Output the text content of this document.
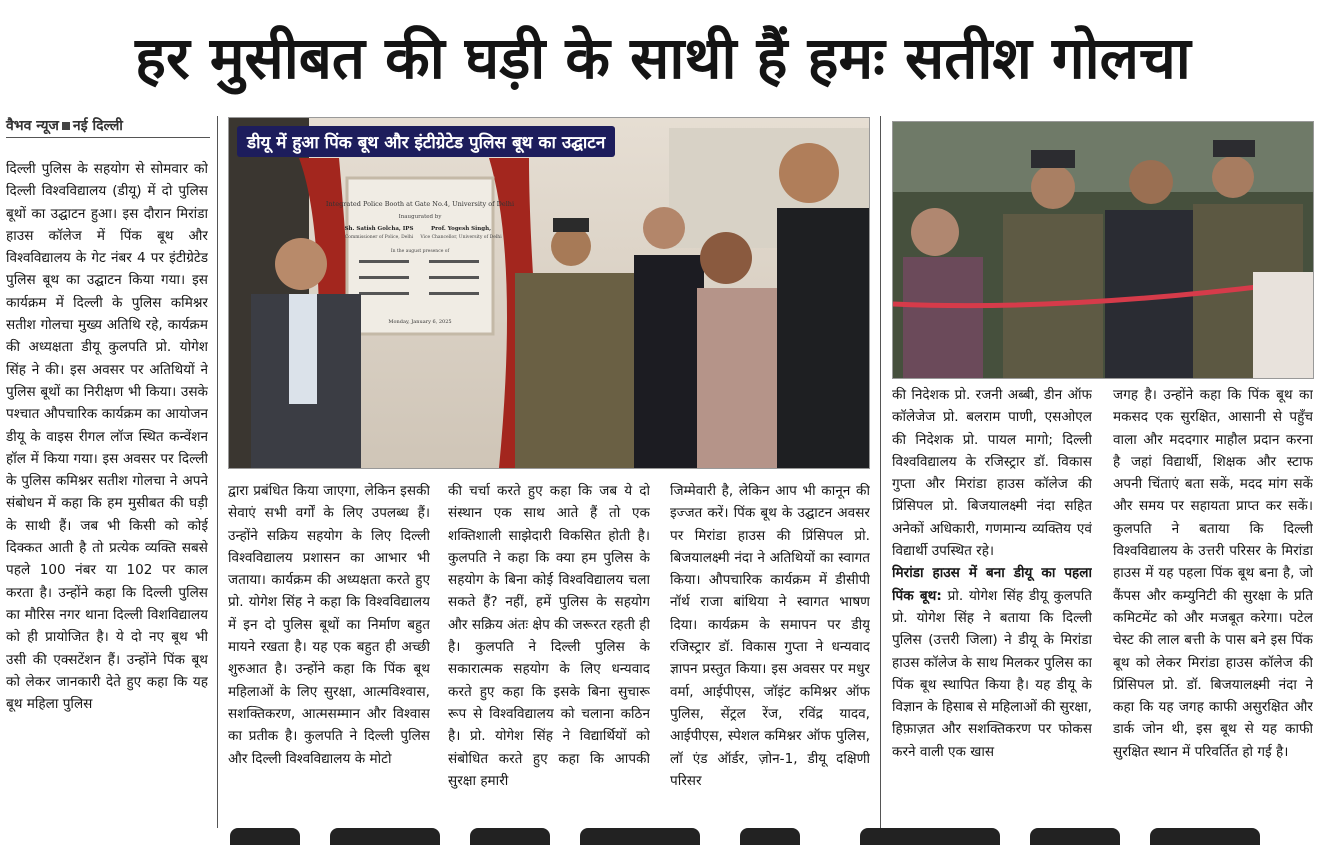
हर मुसीबत की घड़ी के साथी हैं हमः सतीश गोलचा
वैभव न्यूज नई दिल्ली

दिल्ली पुलिस के सहयोग से सोमवार को दिल्ली विश्वविद्यालय (डीयू) में दो पुलिस बूथों का उद्घाटन हुआ। इस दौरान मिरांडा हाउस कॉलेज में पिंक बूथ और विश्वविद्यालय के गेट नंबर 4 पर इंटीग्रेटेड पुलिस बूथ का उद्घाटन किया गया। इस कार्यक्रम में दिल्ली के पुलिस कमिश्नर सतीश गोलचा मुख्य अतिथि रहे, कार्यक्रम की अध्यक्षता डीयू कुलपति प्रो. योगेश सिंह ने की। इस अवसर पर अतिथियों ने पुलिस बूथों का निरीक्षण भी किया। उसके पश्चात औपचारिक कार्यक्रम का आयोजन डीयू के वाइस रीगल लॉज स्थित कन्वेंशन हॉल में किया गया। इस अवसर पर दिल्ली के पुलिस कमिश्नर सतीश गोलचा ने अपने संबोधन में कहा कि हम मुसीबत की घड़ी के साथी हैं। जब भी किसी को कोई दिक्कत आती है तो प्रत्येक व्यक्ति सबसे पहले 100 नंबर या 102 पर काल करता है। उन्होंने कहा कि दिल्ली पुलिस का मौरिस नगर थाना दिल्ली विशविद्यालय को ही प्रायोजित है। ये दो नए बूथ भी उसी की एक्सटेंशन हैं। उन्होंने पिंक बूथ को लेकर जानकारी देते हुए कहा कि यह बूथ महिला पुलिस

Integrated Police Booth at Gate No.4, University of Delhi
Inaugurated by
Sh. Satish Golcha, IPS
Commissioner of Police, Delhi
Prof. Yogesh Singh,
Vice Chancellor, University of Delhi
In the august presence of
Monday, January 6, 2025
डीयू में हुआ पिंक बूथ और इंटीग्रेटेड पुलिस बूथ का उद्घाटन

द्वारा प्रबंधित किया जाएगा, लेकिन इसकी सेवाएं सभी वर्गों के लिए उपलब्ध हैं। उन्होंने सक्रिय सहयोग के लिए दिल्ली विश्वविद्यालय प्रशासन का आभार भी जताया। कार्यक्रम की अध्यक्षता करते हुए प्रो. योगेश सिंह ने कहा कि विश्वविद्यालय में इन दो पुलिस बूथों का निर्माण बहुत मायने रखता है। यह एक बहुत ही अच्छी शुरुआत है। उन्होंने कहा कि पिंक बूथ महिलाओं के लिए सुरक्षा, आत्मविश्वास, सशक्तिकरण, आत्मसम्मान और विश्वास का प्रतीक है। कुलपति ने दिल्ली पुलिस और दिल्ली विश्वविद्यालय के मोटो

की चर्चा करते हुए कहा कि जब ये दो संस्थान एक साथ आते हैं तो एक शक्तिशाली साझेदारी विकसित होती है। कुलपति ने कहा कि क्या हम पुलिस के सहयोग के बिना कोई विश्वविद्यालय चला सकते हैं? नहीं, हमें पुलिस के सहयोग और सक्रिय अंतः क्षेप की जरूरत रहती ही है। कुलपति ने दिल्ली पुलिस के सकारात्मक सहयोग के लिए धन्यवाद करते हुए कहा कि इसके बिना सुचारू रूप से विश्वविद्यालय को चलाना कठिन है। प्रो. योगेश सिंह ने विद्यार्थियों को संबोधित करते हुए कहा कि आपकी सुरक्षा हमारी

जिम्मेवारी है, लेकिन आप भी कानून की इज्जत करें। पिंक बूथ के उद्घाटन अवसर पर मिरांडा हाउस की प्रिंसिपल प्रो. बिजयालक्ष्मी नंदा ने अतिथियों का स्वागत किया। औपचारिक कार्यक्रम में डीसीपी नॉर्थ राजा बांथिया ने स्वागत भाषण दिया। कार्यक्रम के समापन पर डीयू रजिस्ट्रार डॉ. विकास गुप्ता ने धन्यवाद ज्ञापन प्रस्तुत किया। इस अवसर पर मधुर वर्मा, आईपीएस, जॉइंट कमिश्नर ऑफ पुलिस, सेंट्रल रेंज, रविंद्र यादव, आईपीएस, स्पेशल कमिश्नर ऑफ पुलिस, लॉ एंड ऑर्डर, ज़ोन-1, डीयू दक्षिणी परिसर

की निदेशक प्रो. रजनी अब्बी, डीन ऑफ कॉलेजेज प्रो. बलराम पाणी, एसओएल की निदेशक प्रो. पायल मागो; दिल्ली विश्वविद्यालय के रजिस्ट्रार डॉ. विकास गुप्ता और मिरांडा हाउस कॉलेज की प्रिंसिपल प्रो. बिजयालक्ष्मी नंदा सहित अनेकों अधिकारी, गणमान्य व्यक्तिय एवं विद्यार्थी उपस्थित रहे।

मिरांडा हाउस में बना डीयू का पहला पिंक बूथ: प्रो. योगेश सिंह डीयू कुलपति प्रो. योगेश सिंह ने बताया कि दिल्ली पुलिस (उत्तरी जिला) ने डीयू के मिरांडा हाउस कॉलेज के साथ मिलकर पुलिस का पिंक बूथ स्थापित किया है। यह डीयू के विज्ञान के हिसाब से महिलाओं की सुरक्षा, हिफ़ाज़त और सशक्तिकरण पर फोकस करने वाली एक खास

जगह है। उन्होंने कहा कि पिंक बूथ का मकसद एक सुरक्षित, आसानी से पहुँच वाला और मददगार माहौल प्रदान करना है जहां विद्यार्थी, शिक्षक और स्टाफ अपनी चिंताएं बता सकें, मदद मांग सकें और समय पर सहायता प्राप्त कर सकें। कुलपति ने बताया कि दिल्ली विश्वविद्यालय के उत्तरी परिसर के मिरांडा हाउस में यह पहला पिंक बूथ बना है, जो कैंपस और कम्युनिटी की सुरक्षा के प्रति कमिटमेंट को और मजबूत करेगा। पटेल चेस्ट की लाल बत्ती के पास बने इस पिंक बूथ को लेकर मिरांडा हाउस कॉलेज की प्रिंसिपल प्रो. डॉ. बिजयालक्ष्मी नंदा ने कहा कि यह जगह काफी असुरक्षित और डार्क जोन थी, इस बूथ से यह काफी सुरक्षित स्थान में परिवर्तित हो गई है।
